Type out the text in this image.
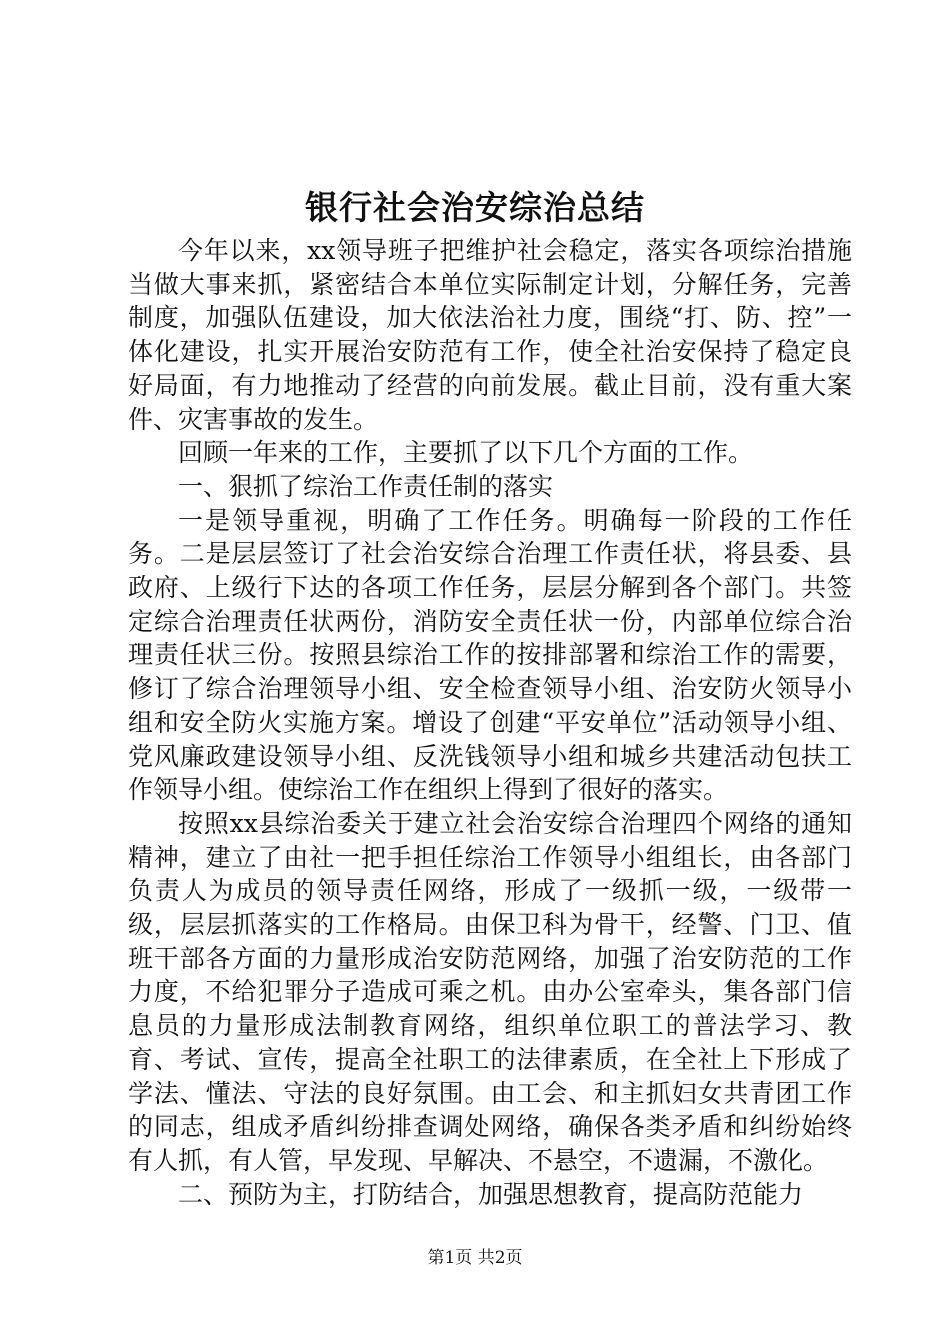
银行社会治安综治总结

今年以来，xx领导班子把维护社会稳定，落实各项综治措施当做大事来抓，紧密结合本单位实际制定计划，分解任务，完善制度，加强队伍建设，加大依法治社力度，围绕“打、防、控”一体化建设，扎实开展治安防范有工作，使全社治安保持了稳定良好局面，有力地推动了经营的向前发展。截止目前，没有重大案件、灾害事故的发生。

回顾一年来的工作，主要抓了以下几个方面的工作。

一、狠抓了综治工作责任制的落实

一是领导重视，明确了工作任务。明确每一阶段的工作任务。二是层层签订了社会治安综合治理工作责任状，将县委、县政府、上级行下达的各项工作任务，层层分解到各个部门。共签定综合治理责任状两份，消防安全责任状一份，内部单位综合治理责任状三份。按照县综治工作的按排部署和综治工作的需要，修订了综合治理领导小组、安全检查领导小组、治安防火领导小组和安全防火实施方案。增设了创建“平安单位”活动领导小组、党风廉政建设领导小组、反洗钱领导小组和城乡共建活动包扶工作领导小组。使综治工作在组织上得到了很好的落实。

按照xx县综治委关于建立社会治安综合治理四个网络的通知精神，建立了由社一把手担任综治工作领导小组组长，由各部门负责人为成员的领导责任网络，形成了一级抓一级，一级带一级，层层抓落实的工作格局。由保卫科为骨干，经警、门卫、值班干部各方面的力量形成治安防范网络，加强了治安防范的工作力度，不给犯罪分子造成可乘之机。由办公室牵头，集各部门信息员的力量形成法制教育网络，组织单位职工的普法学习、教育、考试、宣传，提高全社职工的法律素质，在全社上下形成了学法、懂法、守法的良好氛围。由工会、和主抓妇女共青团工作的同志，组成矛盾纠纷排查调处网络，确保各类矛盾和纠纷始终有人抓，有人管，早发现、早解决、不悬空，不遗漏，不激化。

二、预防为主，打防结合，加强思想教育，提高防范能力

第1页 共2页
